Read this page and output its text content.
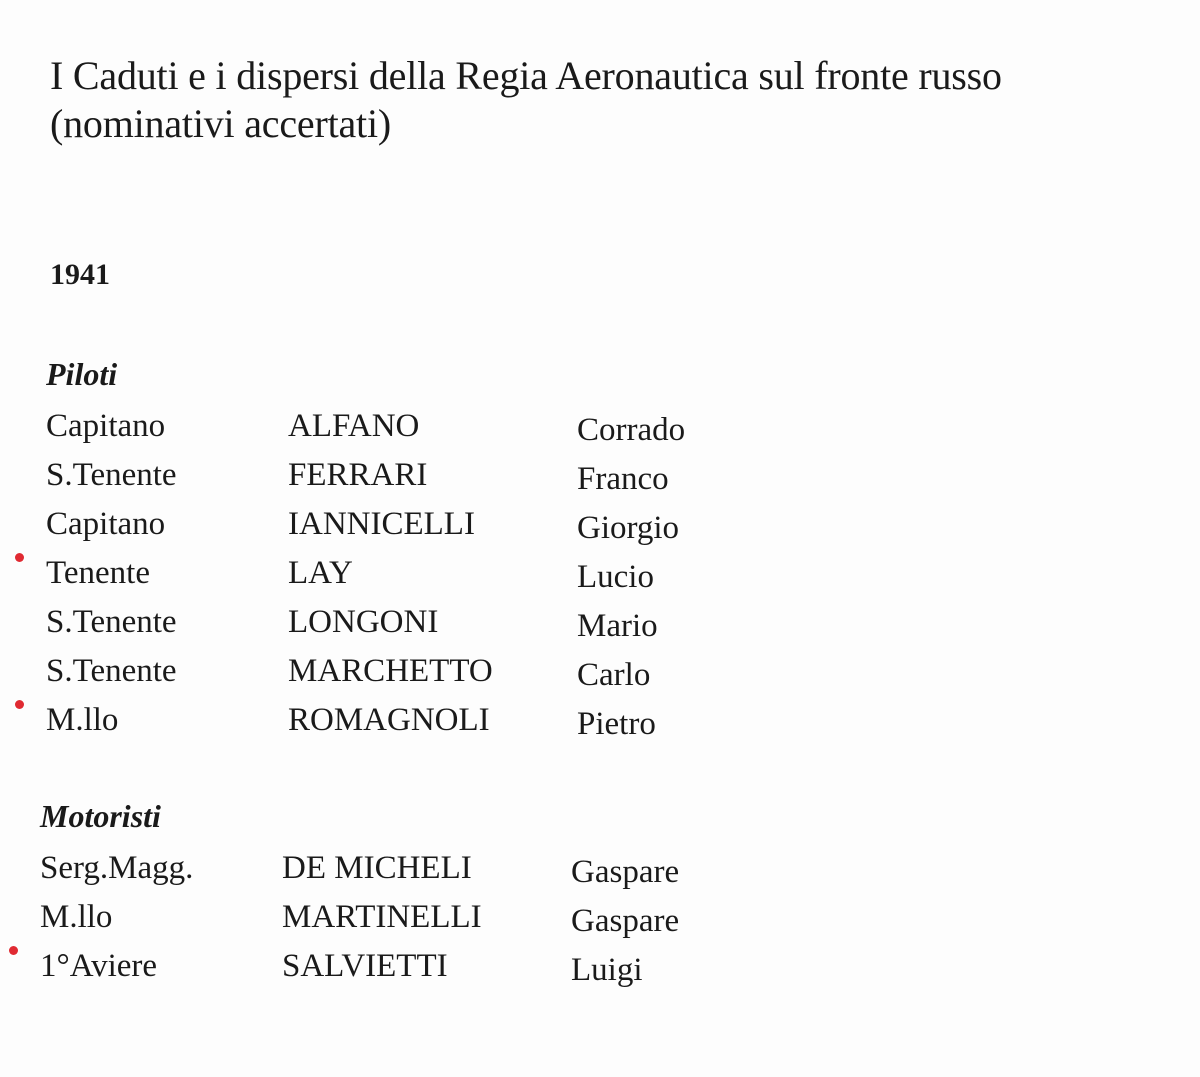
I Caduti e i dispersi della Regia Aeronautica sul fronte russo
(nominativi accertati)
1941
Piloti
Capitano	ALFANO	Corrado
S.Tenente	FERRARI	Franco
Capitano	IANNICELLI	Giorgio
Tenente	LAY	Lucio
S.Tenente	LONGONI	Mario
S.Tenente	MARCHETTO	Carlo
M.llo	ROMAGNOLI	Pietro
Motoristi
Serg.Magg.	DE MICHELI	Gaspare
M.llo	MARTINELLI	Gaspare
1°Aviere	SALVIETTI	Luigi
